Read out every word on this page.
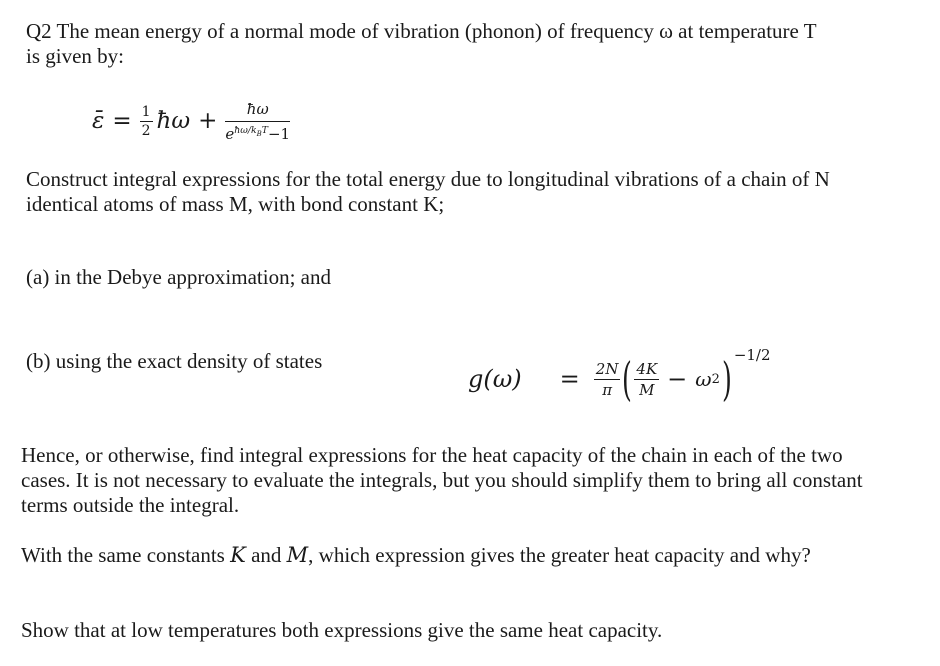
Q2 The mean energy of a normal mode of vibration (phonon) of frequency ω at temperature T is given by:

ε̄ = $\frac{1}{2}$ ħω + $\frac{ħ\omega}{e^{ħ\omega/k_BT}-1}$

Construct integral expressions for the total energy due to longitudinal vibrations of a chain of N identical atoms of mass M, with bond constant K;

(a) in the Debye approximation; and

(b) using the exact density of states

$g(\omega) = \frac{2N}{\pi}$ ( $\frac{4K}{M} - \omega$ 2 ) −1/2

Hence, or otherwise, find integral expressions for the heat capacity of the chain in each of the two cases. It is not necessary to evaluate the integrals, but you should simplify them to bring all constant terms outside the integral.

With the same constants K and M, which expression gives the greater heat capacity and why?

Show that at low temperatures both expressions give the same heat capacity.
